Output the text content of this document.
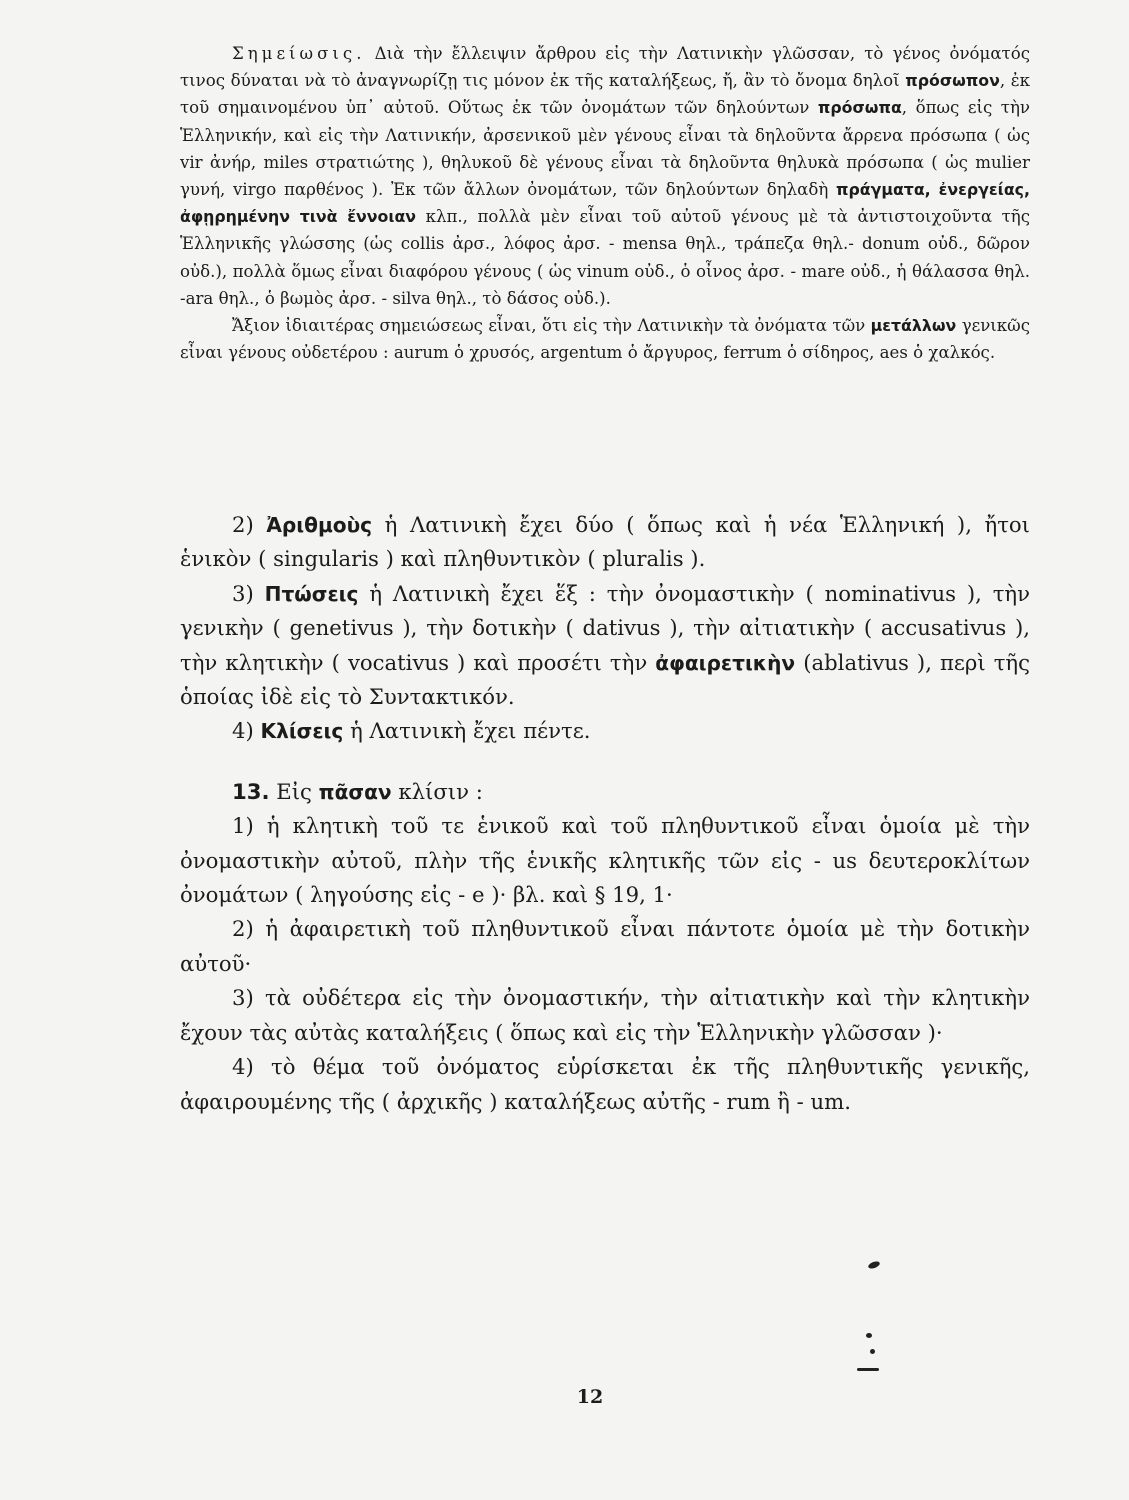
Σημείωσις. Διὰ τὴν ἔλλειψιν ἄρθρου εἰς τὴν Λατινικὴν γλῶσσαν, τὸ γένος ὀνόματός τινος δύναται νὰ τὸ ἀναγνωρίζῃ τις μόνον ἐκ τῆς καταλήξεως, ἤ, ἂν τὸ ὄνομα δηλοῖ πρόσωπον, ἐκ τοῦ σημαινομένου ὑπ᾽ αὐτοῦ. Οὕτως ἐκ τῶν ὀνομάτων τῶν δηλούντων πρόσωπα, ὅπως εἰς τὴν Ἑλληνικήν, καὶ εἰς τὴν Λατινικήν, ἀρσενικοῦ μὲν γένους εἶναι τὰ δηλοῦντα ἄρρενα πρόσωπα ( ὡς vir ἀνήρ, miles στρατιώτης ), θηλυκοῦ δὲ γένους εἶναι τὰ δηλοῦντα θηλυκὰ πρόσωπα ( ὡς mulier γυνή, virgo παρθένος ). Ἐκ τῶν ἄλλων ὀνομάτων, τῶν δηλούντων δηλαδὴ πράγματα, ἐνεργείας, ἀφῃρημένην τινὰ ἔννοιαν κλπ., πολλὰ μὲν εἶναι τοῦ αὐτοῦ γένους μὲ τὰ ἀντιστοιχοῦντα τῆς Ἑλληνικῆς γλώσσης (ὡς collis ἀρσ., λόφος ἀρσ. - mensa θηλ., τράπεζα θηλ.- donum οὐδ., δῶρον οὐδ.), πολλὰ ὅμως εἶναι διαφόρου γένους ( ὡς vinum οὐδ., ὁ οἶνος ἀρσ. - mare οὐδ., ἡ θάλασσα θηλ. -ara θηλ., ὁ βωμὸς ἀρσ. - silva θηλ., τὸ δάσος οὐδ.).

Ἄξιον ἰδιαιτέρας σημειώσεως εἶναι, ὅτι εἰς τὴν Λατινικὴν τὰ ὀνόματα τῶν μετάλλων γενικῶς εἶναι γένους οὐδετέρου : aurum ὁ χρυσός, argentum ὁ ἄργυρος, ferrum ὁ σίδηρος, aes ὁ χαλκός.

2) Ἀριθμοὺς ἡ Λατινικὴ ἔχει δύο ( ὅπως καὶ ἡ νέα Ἑλληνική ), ἤτοι ἑνικὸν ( singularis ) καὶ πληθυντικὸν ( pluralis ).

3) Πτώσεις ἡ Λατινικὴ ἔχει ἕξ : τὴν ὀνομαστικὴν ( nominativus ), τὴν γενικὴν ( genetivus ), τὴν δοτικὴν ( dativus ), τὴν αἰτιατικὴν ( accusativus ), τὴν κλητικὴν ( vocativus ) καὶ προσέτι τὴν ἀφαιρετικὴν (ablativus ), περὶ τῆς ὁποίας ἰδὲ εἰς τὸ Συντακτικόν.

4) Κλίσεις ἡ Λατινικὴ ἔχει πέντε.

13. Εἰς πᾶσαν κλίσιν :

1) ἡ κλητικὴ τοῦ τε ἑνικοῦ καὶ τοῦ πληθυντικοῦ εἶναι ὁμοία μὲ τὴν ὀνομαστικὴν αὐτοῦ, πλὴν τῆς ἑνικῆς κλητικῆς τῶν εἰς - us δευτεροκλίτων ὀνομάτων ( ληγούσης εἰς - e )· βλ. καὶ § 19, 1·

2) ἡ ἀφαιρετικὴ τοῦ πληθυντικοῦ εἶναι πάντοτε ὁμοία μὲ τὴν δοτικὴν αὐτοῦ·

3) τὰ οὐδέτερα εἰς τὴν ὀνομαστικήν, τὴν αἰτιατικὴν καὶ τὴν κλητικὴν ἔχουν τὰς αὐτὰς καταλήξεις ( ὅπως καὶ εἰς τὴν Ἑλληνικὴν γλῶσσαν )·

4) τὸ θέμα τοῦ ὀνόματος εὑρίσκεται ἐκ τῆς πληθυντικῆς γενικῆς, ἀφαιρουμένης τῆς ( ἀρχικῆς ) καταλήξεως αὐτῆς - rum ἢ - um.

12
